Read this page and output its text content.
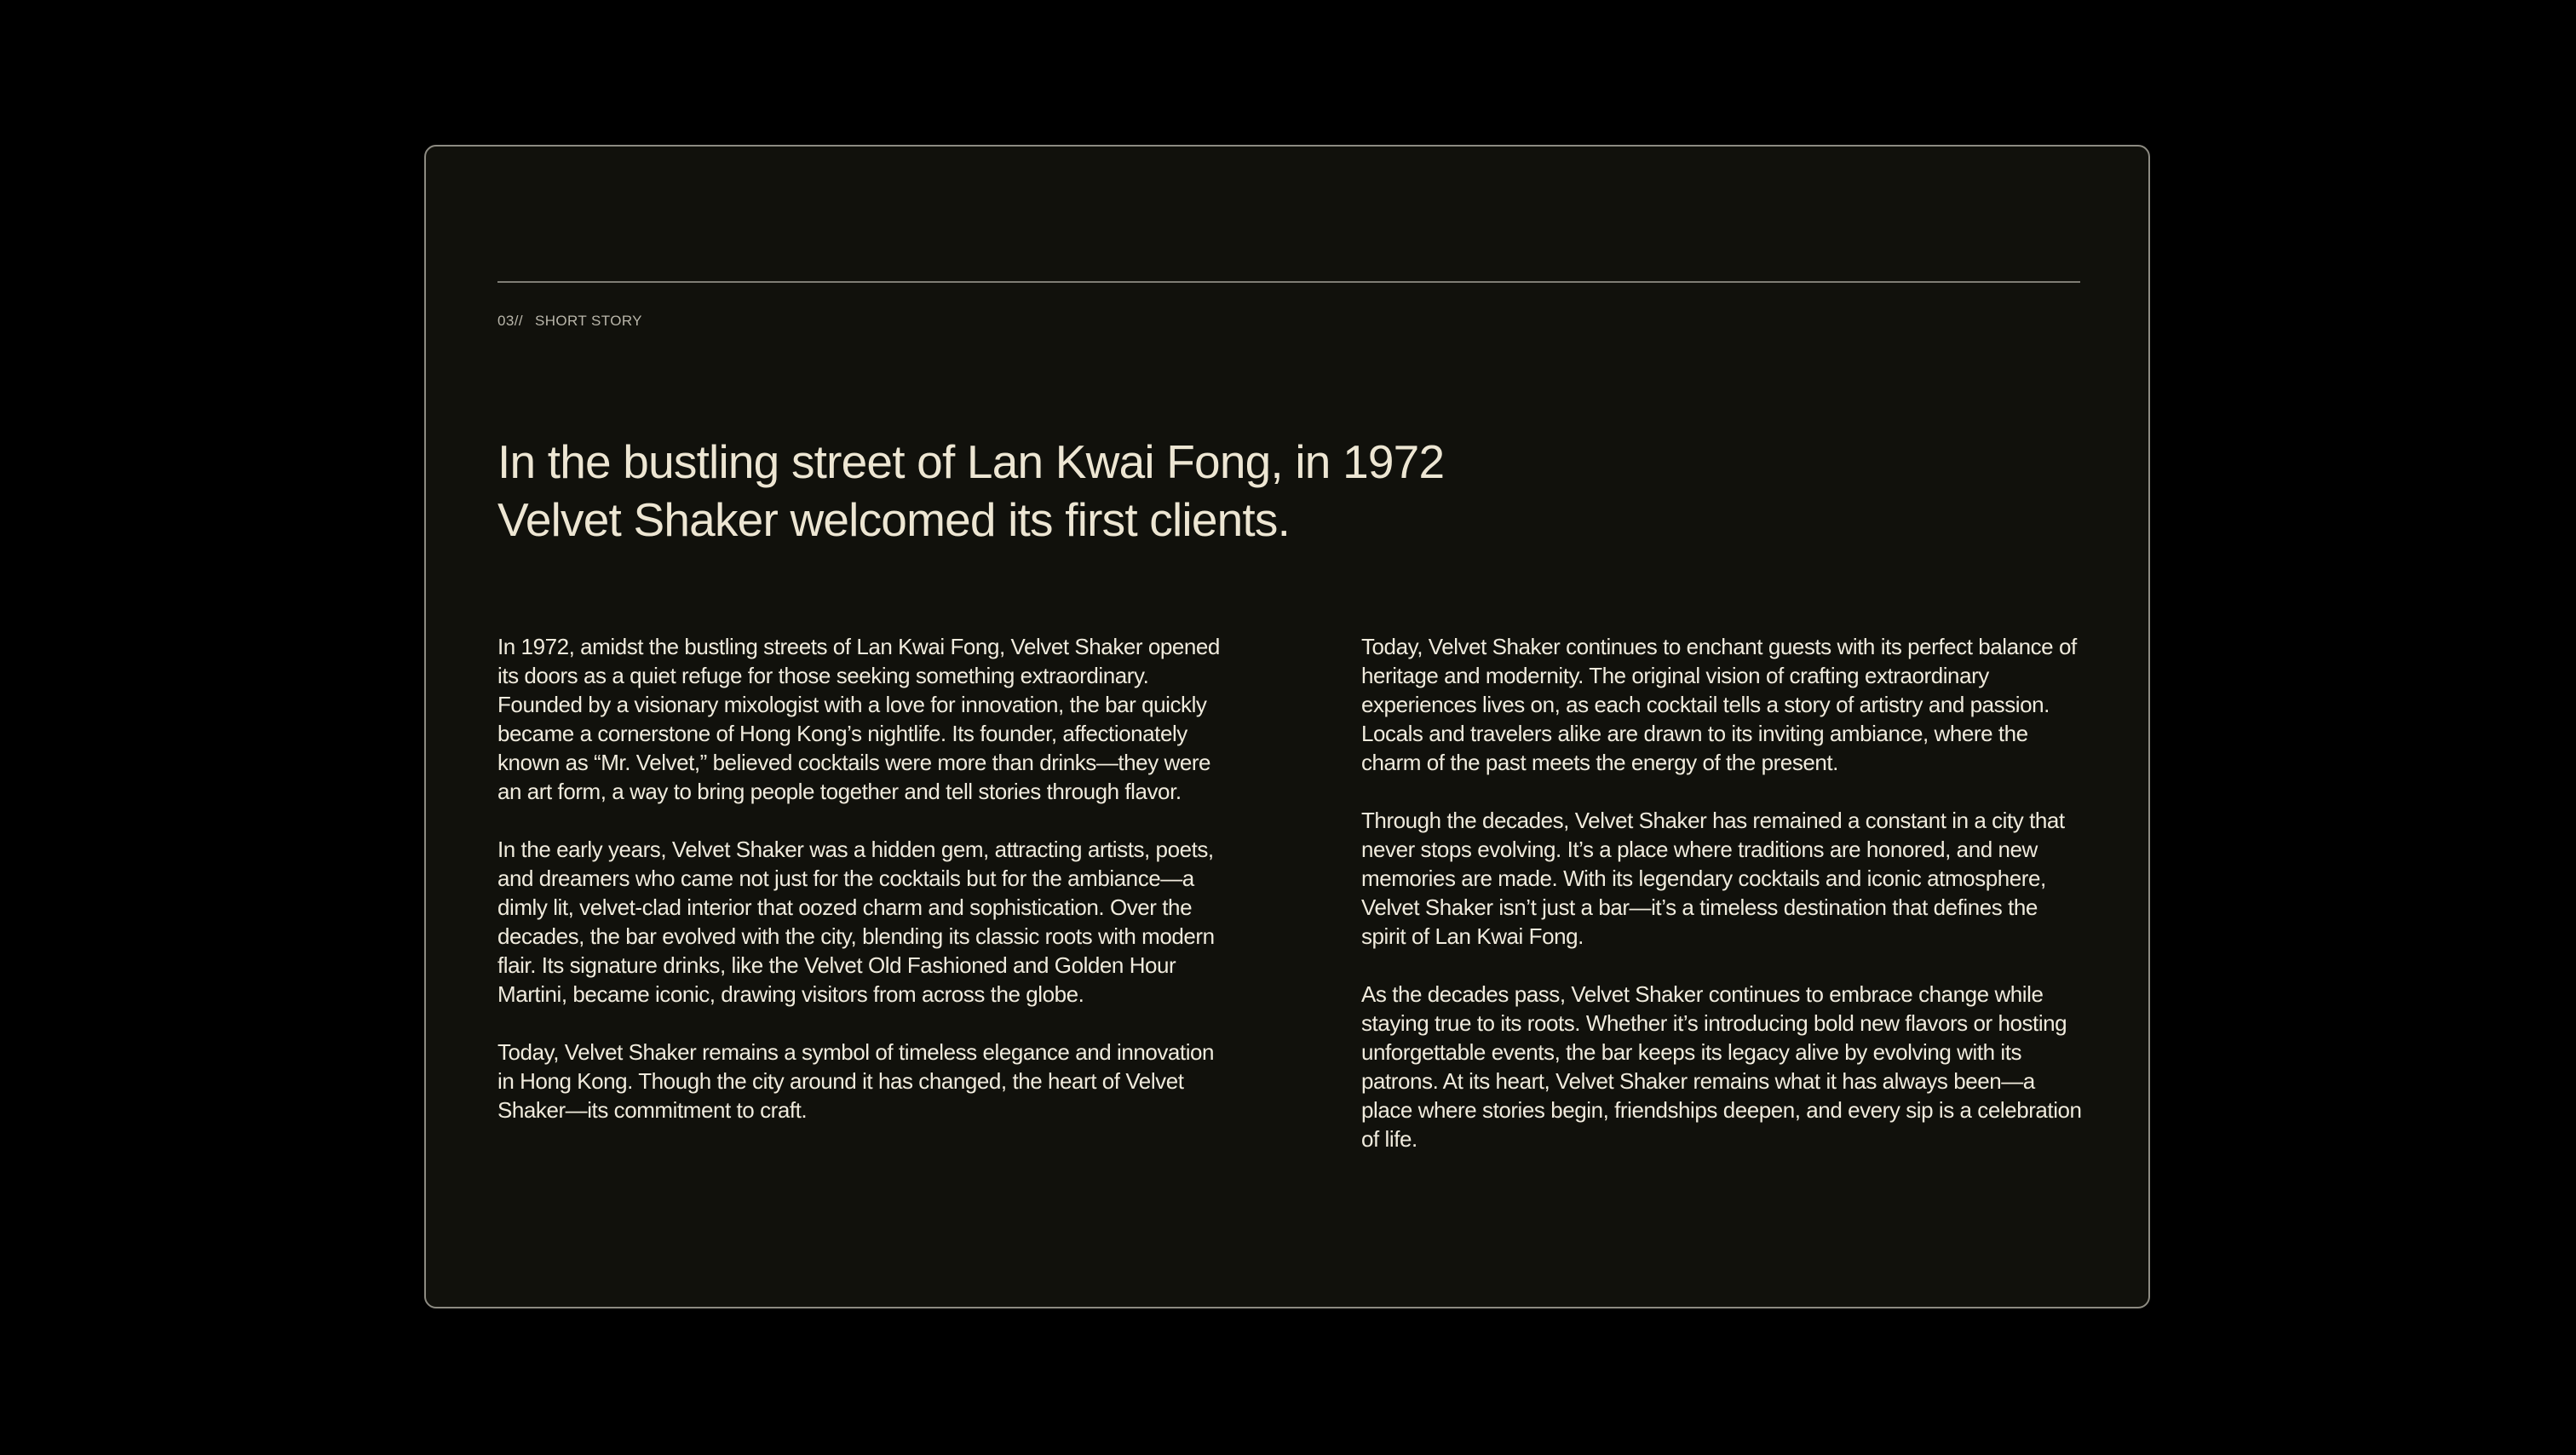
03// SHORT STORY
In the bustling street of Lan Kwai Fong, in 1972
Velvet Shaker welcomed its first clients.

In 1972, amidst the bustling streets of Lan Kwai Fong, Velvet Shaker opened its doors as a quiet refuge for those seeking something extraordinary. Founded by a visionary mixologist with a love for innovation, the bar quickly became a cornerstone of Hong Kong’s nightlife. Its founder, affectionately known as “Mr. Velvet,” believed cocktails were more than drinks—they were an art form, a way to bring people together and tell stories through flavor.

In the early years, Velvet Shaker was a hidden gem, attracting artists, poets, and dreamers who came not just for the cocktails but for the ambiance—a dimly lit, velvet-clad interior that oozed charm and sophistication. Over the decades, the bar evolved with the city, blending its classic roots with modern flair. Its signature drinks, like the Velvet Old Fashioned and Golden Hour Martini, became iconic, drawing visitors from across the globe.

Today, Velvet Shaker remains a symbol of timeless elegance and innovation in Hong Kong. Though the city around it has changed, the heart of Velvet Shaker—its commitment to craft.

Today, Velvet Shaker continues to enchant guests with its perfect balance of heritage and modernity. The original vision of crafting extraordinary experiences lives on, as each cocktail tells a story of artistry and passion. Locals and travelers alike are drawn to its inviting ambiance, where the charm of the past meets the energy of the present.

Through the decades, Velvet Shaker has remained a constant in a city that never stops evolving. It’s a place where traditions are honored, and new memories are made. With its legendary cocktails and iconic atmosphere, Velvet Shaker isn’t just a bar—it’s a timeless destination that defines the spirit of Lan Kwai Fong.

As the decades pass, Velvet Shaker continues to embrace change while staying true to its roots. Whether it’s introducing bold new flavors or hosting unforgettable events, the bar keeps its legacy alive by evolving with its patrons. At its heart, Velvet Shaker remains what it has always been—a place where stories begin, friendships deepen, and every sip is a celebration of life.
